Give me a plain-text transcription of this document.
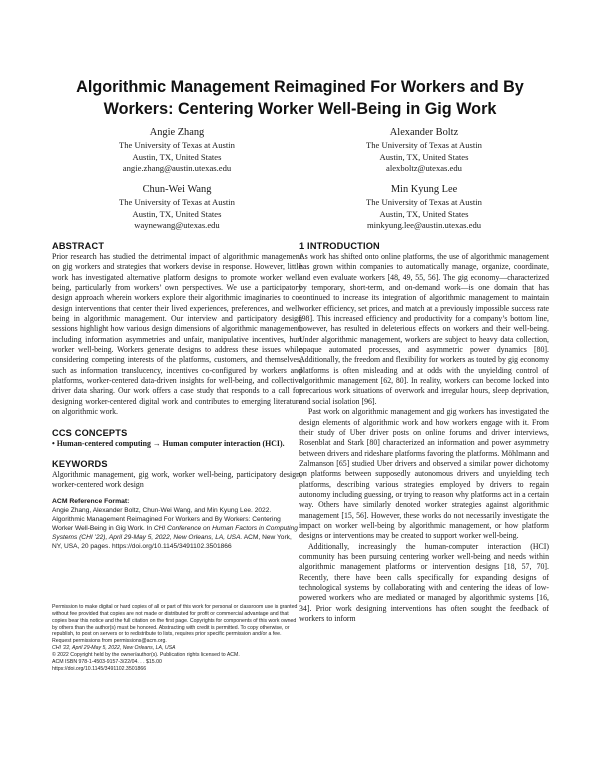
Algorithmic Management Reimagined For Workers and By
Workers: Centering Worker Well-Being in Gig Work
Angie Zhang
The University of Texas at Austin
Austin, TX, United States
angie.zhang@austin.utexas.edu
Alexander Boltz
The University of Texas at Austin
Austin, TX, United States
alexboltz@utexas.edu
Chun-Wei Wang
The University of Texas at Austin
Austin, TX, United States
waynewang@utexas.edu
Min Kyung Lee
The University of Texas at Austin
Austin, TX, United States
minkyung.lee@austin.utexas.edu
ABSTRACT

Prior research has studied the detrimental impact of algorithmic management on gig workers and strategies that workers devise in response. However, little work has investigated alternative platform designs to promote worker well-being, particularly from workers’ own perspectives. We use a participatory design approach wherein workers explore their algorithmic imaginaries to co-design interventions that center their lived experiences, preferences, and well-being in algorithmic management. Our interview and participatory design sessions highlight how various design dimensions of algorithmic management, including information asymmetries and unfair, manipulative incentives, hurt worker well-being. Workers generate designs to address these issues while considering competing interests of the platforms, customers, and themselves, such as information translucency, incentives co-configured by workers and platforms, worker-centered data-driven insights for well-being, and collective driver data sharing. Our work offers a case study that responds to a call for designing worker-centered digital work and contributes to emerging literature on algorithmic work.

CCS CONCEPTS

• Human-centered computing → Human computer interaction (HCI).

KEYWORDS

Algorithmic management, gig work, worker well-being, participatory design, worker-centered work design

ACM Reference Format:

Angie Zhang, Alexander Boltz, Chun-Wei Wang, and Min Kyung Lee. 2022. Algorithmic Management Reimagined For Workers and By Workers: Centering Worker Well-Being in Gig Work. In CHI Conference on Human Factors in Computing Systems (CHI ’22), April 29-May 5, 2022, New Orleans, LA, USA. ACM, New York, NY, USA, 20 pages. https://doi.org/10.1145/3491102.3501866

Permission to make digital or hard copies of all or part of this work for personal or classroom use is granted without fee provided that copies are not made or distributed for profit or commercial advantage and that copies bear this notice and the full citation on the first page. Copyrights for components of this work owned by others than the author(s) must be honored. Abstracting with credit is permitted. To copy otherwise, or republish, to post on servers or to redistribute to lists, requires prior specific permission and/or a fee. Request permissions from permissions@acm.org.

CHI ’22, April 29-May 5, 2022, New Orleans, LA, USA

© 2022 Copyright held by the owner/author(s). Publication rights licensed to ACM.

ACM ISBN 978-1-4503-9157-3/22/04. . . $15.00

https://doi.org/10.1145/3491102.3501866

1 INTRODUCTION

As work has shifted onto online platforms, the use of algorithmic management has grown within companies to automatically manage, organize, coordinate, and even evaluate workers [48, 49, 55, 56]. The gig economy—characterized by temporary, short-term, and on-demand work—is one domain that has continued to increase its integration of algorithmic management to maintain worker efficiency, set prices, and match at a previously impossible success rate [98]. This increased efficiency and productivity for a company’s bottom line, however, has resulted in deleterious effects on workers and their well-being. Under algorithmic management, workers are subject to heavy data collection, opaque automated processes, and asymmetric power dynamics [80]. Additionally, the freedom and flexibility for workers as touted by gig economy platforms is often misleading and at odds with the unyielding control of algorithmic management [62, 80]. In reality, workers can become locked into precarious work situations of overwork and irregular hours, sleep deprivation, and social isolation [96].

Past work on algorithmic management and gig workers has investigated the design elements of algorithmic work and how workers engage with it. From their study of Uber driver posts on online forums and driver interviews, Rosenblat and Stark [80] characterized an information and power asymmetry between drivers and rideshare platforms favoring the platforms. Möhlmann and Zalmanson [65] studied Uber drivers and observed a similar power dichotomy on platforms between supposedly autonomous drivers and unyielding tech platforms, describing various strategies employed by drivers to regain autonomy including guessing, or trying to reason why platforms act in a certain way. Others have similarly denoted worker strategies against algorithmic management [15, 56]. However, these works do not necessarily investigate the impact on worker well-being by algorithmic management, or how platform designs or interventions may be created to support worker well-being.

Additionally, increasingly the human-computer interaction (HCI) community has been pursuing centering worker well-being and needs within algorithmic management platforms or intervention designs [18, 57, 70]. Recently, there have been calls specifically for expanding designs of technological systems by collaborating with and centering the ideas of low-powered workers who are mediated or managed by algorithmic systems [16, 34]. Prior work designing interventions has often sought the feedback of workers to inform
